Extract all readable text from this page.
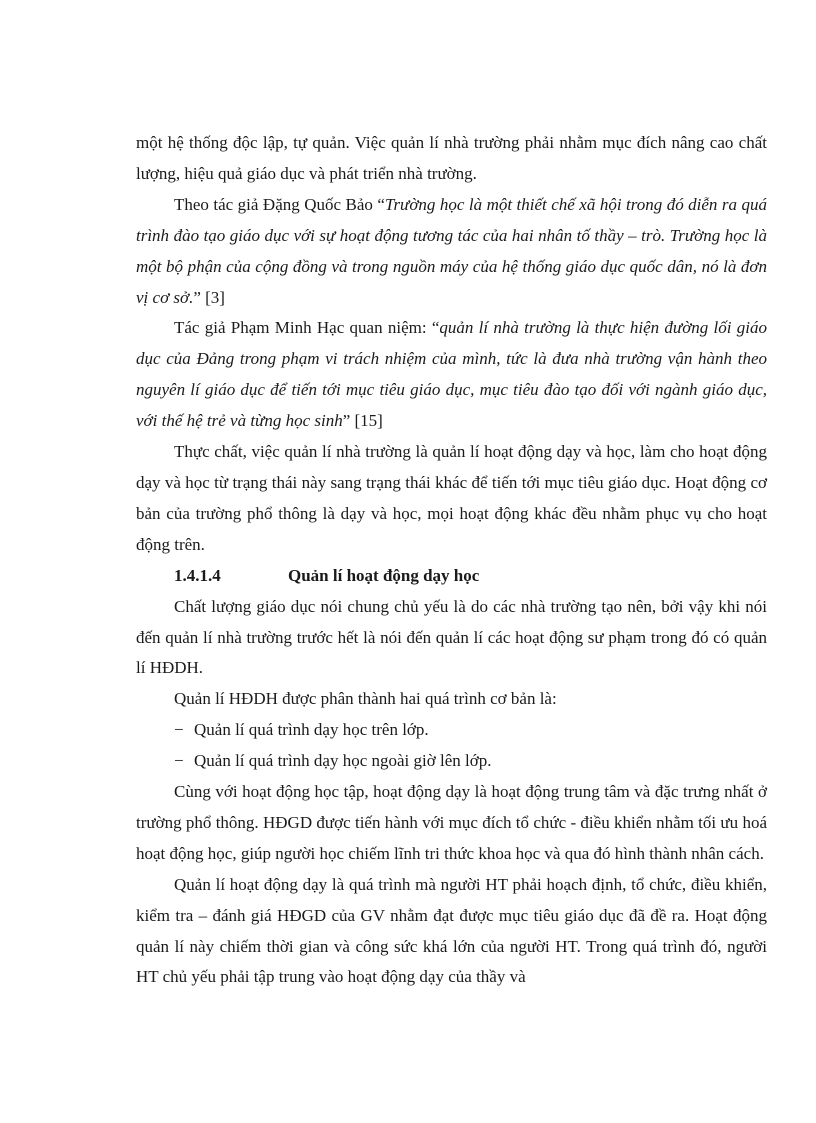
một hệ thống độc lập, tự quản. Việc quản lí nhà trường phải nhằm mục đích nâng cao chất lượng, hiệu quả giáo dục và phát triển nhà trường.

Theo tác giả Đặng Quốc Bảo “Trường học là một thiết chế xã hội trong đó diễn ra quá trình đào tạo giáo dục với sự hoạt động tương tác của hai nhân tố thầy – trò. Trường học là một bộ phận của cộng đồng và trong nguồn máy của hệ thống giáo dục quốc dân, nó là đơn vị cơ sở.” [3]

Tác giả Phạm Minh Hạc quan niệm: “quản lí nhà trường là thực hiện đường lối giáo dục của Đảng trong phạm vi trách nhiệm của mình, tức là đưa nhà trường vận hành theo nguyên lí giáo dục để tiến tới mục tiêu giáo dục, mục tiêu đào tạo đối với ngành giáo dục, với thế hệ trẻ và từng học sinh” [15]

Thực chất, việc quản lí nhà trường là quản lí hoạt động dạy và học, làm cho hoạt động dạy và học từ trạng thái này sang trạng thái khác để tiến tới mục tiêu giáo dục. Hoạt động cơ bản của trường phổ thông là dạy và học, mọi hoạt động khác đều nhằm phục vụ cho hoạt động trên.

1.4.1.4	Quản lí hoạt động dạy học

Chất lượng giáo dục nói chung chủ yếu là do các nhà trường tạo nên, bởi vậy khi nói đến quản lí nhà trường trước hết là nói đến quản lí các hoạt động sư phạm trong đó có quản lí HĐDH.

Quản lí HĐDH được phân thành hai quá trình cơ bản là:

− Quản lí quá trình dạy học trên lớp.

− Quản lí quá trình dạy học ngoài giờ lên lớp.

Cùng với hoạt động học tập, hoạt động dạy là hoạt động trung tâm và đặc trưng nhất ở trường phổ thông. HĐGD được tiến hành với mục đích tổ chức - điều khiển nhằm tối ưu hoá hoạt động học, giúp người học chiếm lĩnh tri thức khoa học và qua đó hình thành nhân cách.

Quản lí hoạt động dạy là quá trình mà người HT phải hoạch định, tổ chức, điều khiển, kiểm tra – đánh giá HĐGD của GV nhằm đạt được mục tiêu giáo dục đã đề ra. Hoạt động quản lí này chiếm thời gian và công sức khá lớn của người HT. Trong quá trình đó, người HT chủ yếu phải tập trung vào hoạt động dạy của thầy và
